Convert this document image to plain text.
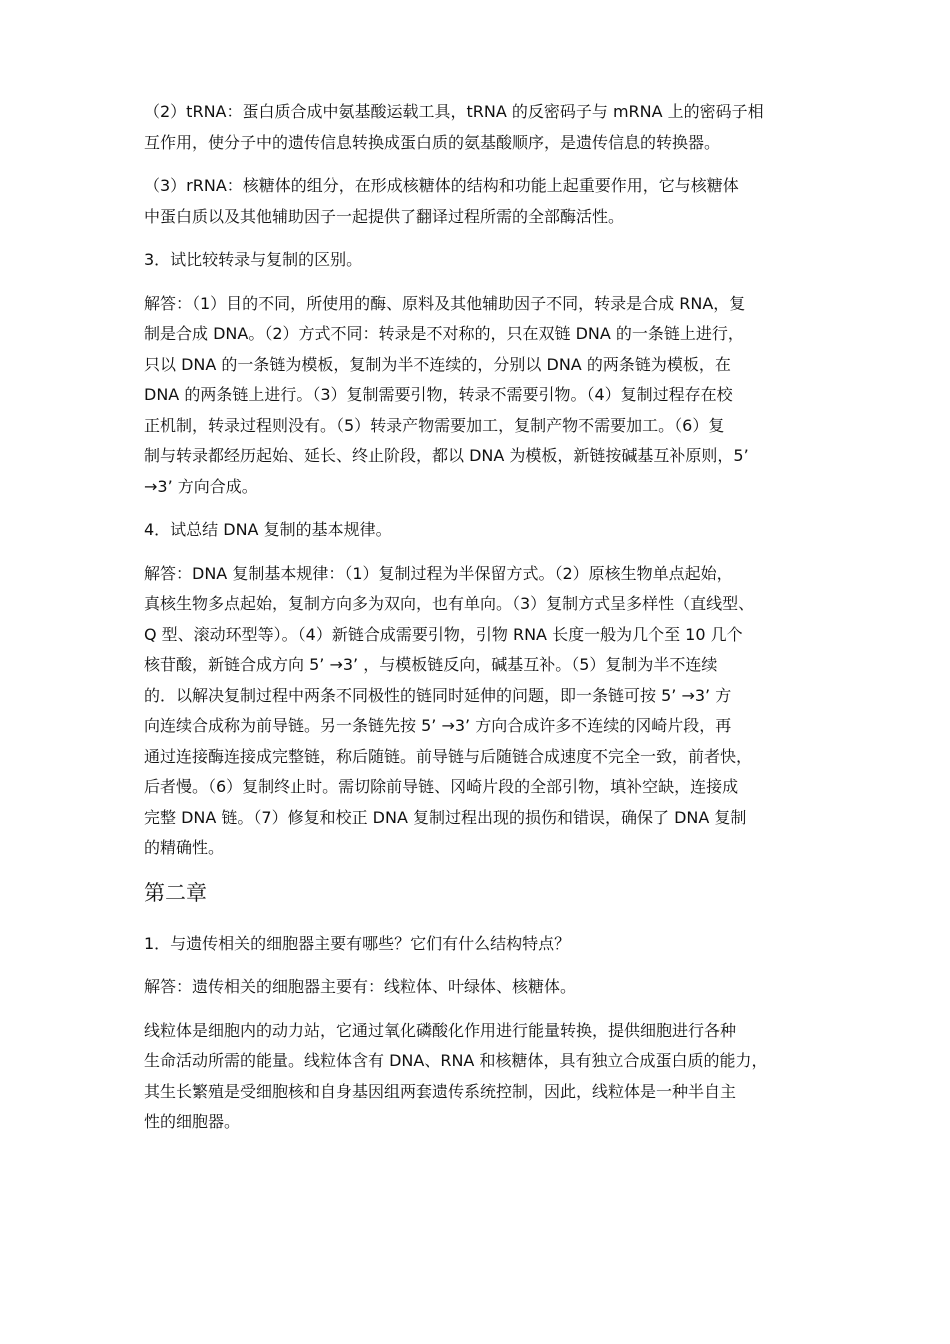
（2）tRNA：蛋白质合成中氨基酸运载工具，tRNA 的反密码子与 mRNA 上的密码子相
互作用，使分子中的遗传信息转换成蛋白质的氨基酸顺序，是遗传信息的转换器。
（3）rRNA：核糖体的组分，在形成核糖体的结构和功能上起重要作用，它与核糖体
中蛋白质以及其他辅助因子一起提供了翻译过程所需的全部酶活性。
3．试比较转录与复制的区别。
解答：（1）目的不同，所使用的酶、原料及其他辅助因子不同，转录是合成 RNA，复
制是合成 DNA。（2）方式不同：转录是不对称的，只在双链 DNA 的一条链上进行，
只以 DNA 的一条链为模板，复制为半不连续的，分别以 DNA 的两条链为模板，在
DNA 的两条链上进行。（3）复制需要引物，转录不需要引物。（4）复制过程存在校
正机制，转录过程则没有。（5）转录产物需要加工，复制产物不需要加工。（6）复
制与转录都经历起始、延长、终止阶段，都以 DNA 为模板，新链按碱基互补原则，5’
→3’ 方向合成。
4．试总结 DNA 复制的基本规律。
解答：DNA 复制基本规律：（1）复制过程为半保留方式。（2）原核生物单点起始，
真核生物多点起始，复制方向多为双向，也有单向。（3）复制方式呈多样性（直线型、
Q 型、滚动环型等）。（4）新链合成需要引物，引物 RNA 长度一般为几个至 10 几个
核苷酸，新链合成方向 5’ →3’ ，与模板链反向，碱基互补。（5）复制为半不连续
的．以解决复制过程中两条不同极性的链同时延伸的问题，即一条链可按 5’ →3’ 方
向连续合成称为前导链。另一条链先按 5’ →3’ 方向合成许多不连续的冈崎片段，再
通过连接酶连接成完整链，称后随链。前导链与后随链合成速度不完全一致，前者快，
后者慢。（6）复制终止时。需切除前导链、冈崎片段的全部引物，填补空缺，连接成
完整 DNA 链。（7）修复和校正 DNA 复制过程出现的损伤和错误，确保了 DNA 复制
的精确性。
第二章
1．与遗传相关的细胞器主要有哪些？它们有什么结构特点？
解答：遗传相关的细胞器主要有：线粒体、叶绿体、核糖体。
线粒体是细胞内的动力站，它通过氧化磷酸化作用进行能量转换，提供细胞进行各种
生命活动所需的能量。线粒体含有 DNA、RNA 和核糖体，具有独立合成蛋白质的能力，
其生长繁殖是受细胞核和自身基因组两套遗传系统控制，因此，线粒体是一种半自主
性的细胞器。
